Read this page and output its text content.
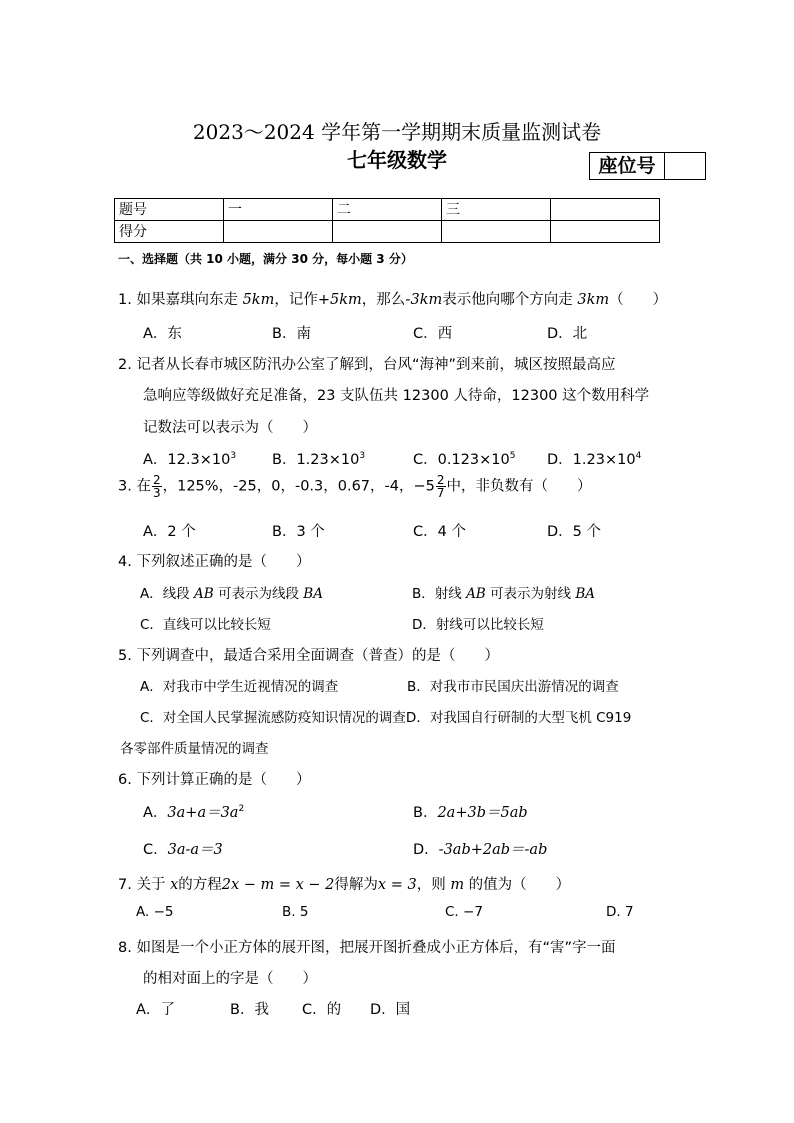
2023～2024 学年第一学期期末质量监测试卷
七年级数学	座位号
题号	一	二	三	
得分				
一、选择题（共 10 小题，满分 30 分，每小题 3 分）
1. 如果嘉琪向东走 5km，记作+5km，那么-3km表示他向哪个方向走 3km（　　）
A．东	B．南	C．西	D．北
2. 记者从长春市城区防汛办公室了解到，台风“海神”到来前，城区按照最高应
急响应等级做好充足准备，23 支队伍共 12300 人待命，12300 这个数用科学
记数法可以表示为（　　）
A．$12.3\times 10^3$ B．$1.23\times 10^3$	C．$0.123\times 10^5$ D．$1.23\times 10^4$
3. 在 $\frac{2}{3}$ ，125%，-25，0，-0.3，0.67，-4，$-5 \frac{2}{7}$ 中，非负数有（　　）
A．2 个	B．3 个	C．4 个	D．5 个
4. 下列叙述正确的是（　　）
A．线段 AB 可表示为线段 BA	B．射线 AB 可表示为射线 BA
C．直线可以比较长短	D．射线可以比较长短
5. 下列调查中，最适合采用全面调查（普查）的是（　　）
A．对我市中学生近视情况的调查	B．对我市市民国庆出游情况的调查
C．对全国人民掌握流感防疫知识情况的调查D．对我国自行研制的大型飞机 C919
各零部件质量情况的调查
6. 下列计算正确的是（　　）
A．$3a+a=3a^2$	B．2a+3b＝5ab
C．3a-a＝3	D．-3ab+2ab＝-ab
7. 关于 x的方程2x − m = x − 2得解为x = 3，则 m 的值为（　　）
A. −5	B. 5	C. −7	D. 7
8. 如图是一个小正方体的展开图，把展开图折叠成小正方体后，有“害”字一面
的相对面上的字是（　　）
A．了	B．我 C．的 D．国
